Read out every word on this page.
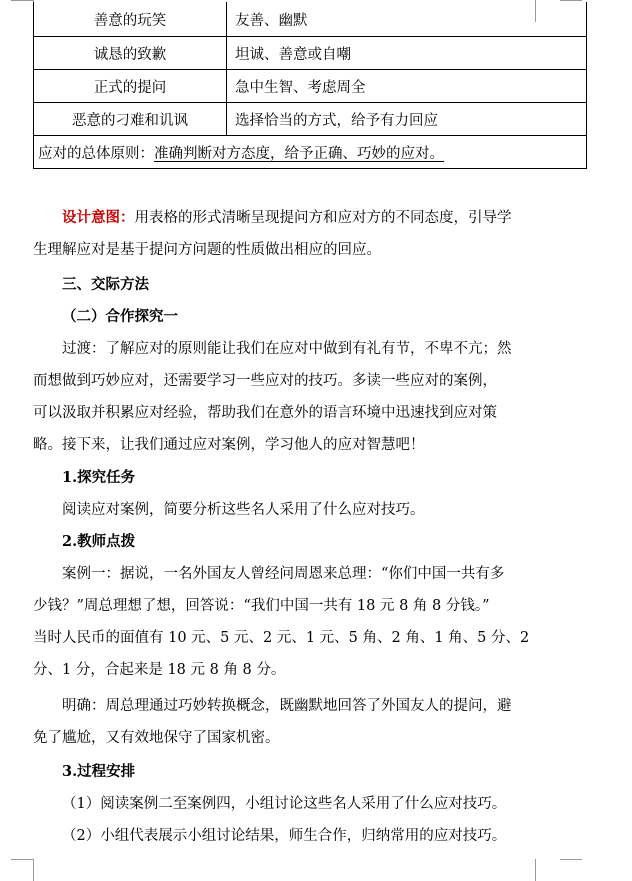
善意的玩笑	友善、幽默
诚恳的致歉	坦诚、善意或自嘲
正式的提问	急中生智、考虑周全
恶意的刁难和讥讽	选择恰当的方式，给予有力回应
应对的总体原则：准确判断对方态度，给予正确、巧妙的应对。	
设计意图：用表格的形式清晰呈现提问方和应对方的不同态度，引导学
生理解应对是基于提问方问题的性质做出相应的回应。
三、交际方法
（二）合作探究一
过渡：了解应对的原则能让我们在应对中做到有礼有节，不卑不亢；然
而想做到巧妙应对，还需要学习一些应对的技巧。多读一些应对的案例，
可以汲取并积累应对经验，帮助我们在意外的语言环境中迅速找到应对策
略。接下来，让我们通过应对案例，学习他人的应对智慧吧！
1.探究任务
阅读应对案例，简要分析这些名人采用了什么应对技巧。
2.教师点拨
案例一：据说，一名外国友人曾经问周恩来总理：“你们中国一共有多
少钱？”周总理想了想，回答说：“我们中国一共有 18 元 8 角 8 分钱。”
当时人民币的面值有 10 元、5 元、2 元、1 元、5 角、2 角、1 角、5 分、2
分、1 分，合起来是 18 元 8 角 8 分。
明确：周总理通过巧妙转换概念，既幽默地回答了外国友人的提问，避
免了尴尬，又有效地保守了国家机密。
3.过程安排
（1）阅读案例二至案例四，小组讨论这些名人采用了什么应对技巧。
（2）小组代表展示小组讨论结果，师生合作，归纳常用的应对技巧。
